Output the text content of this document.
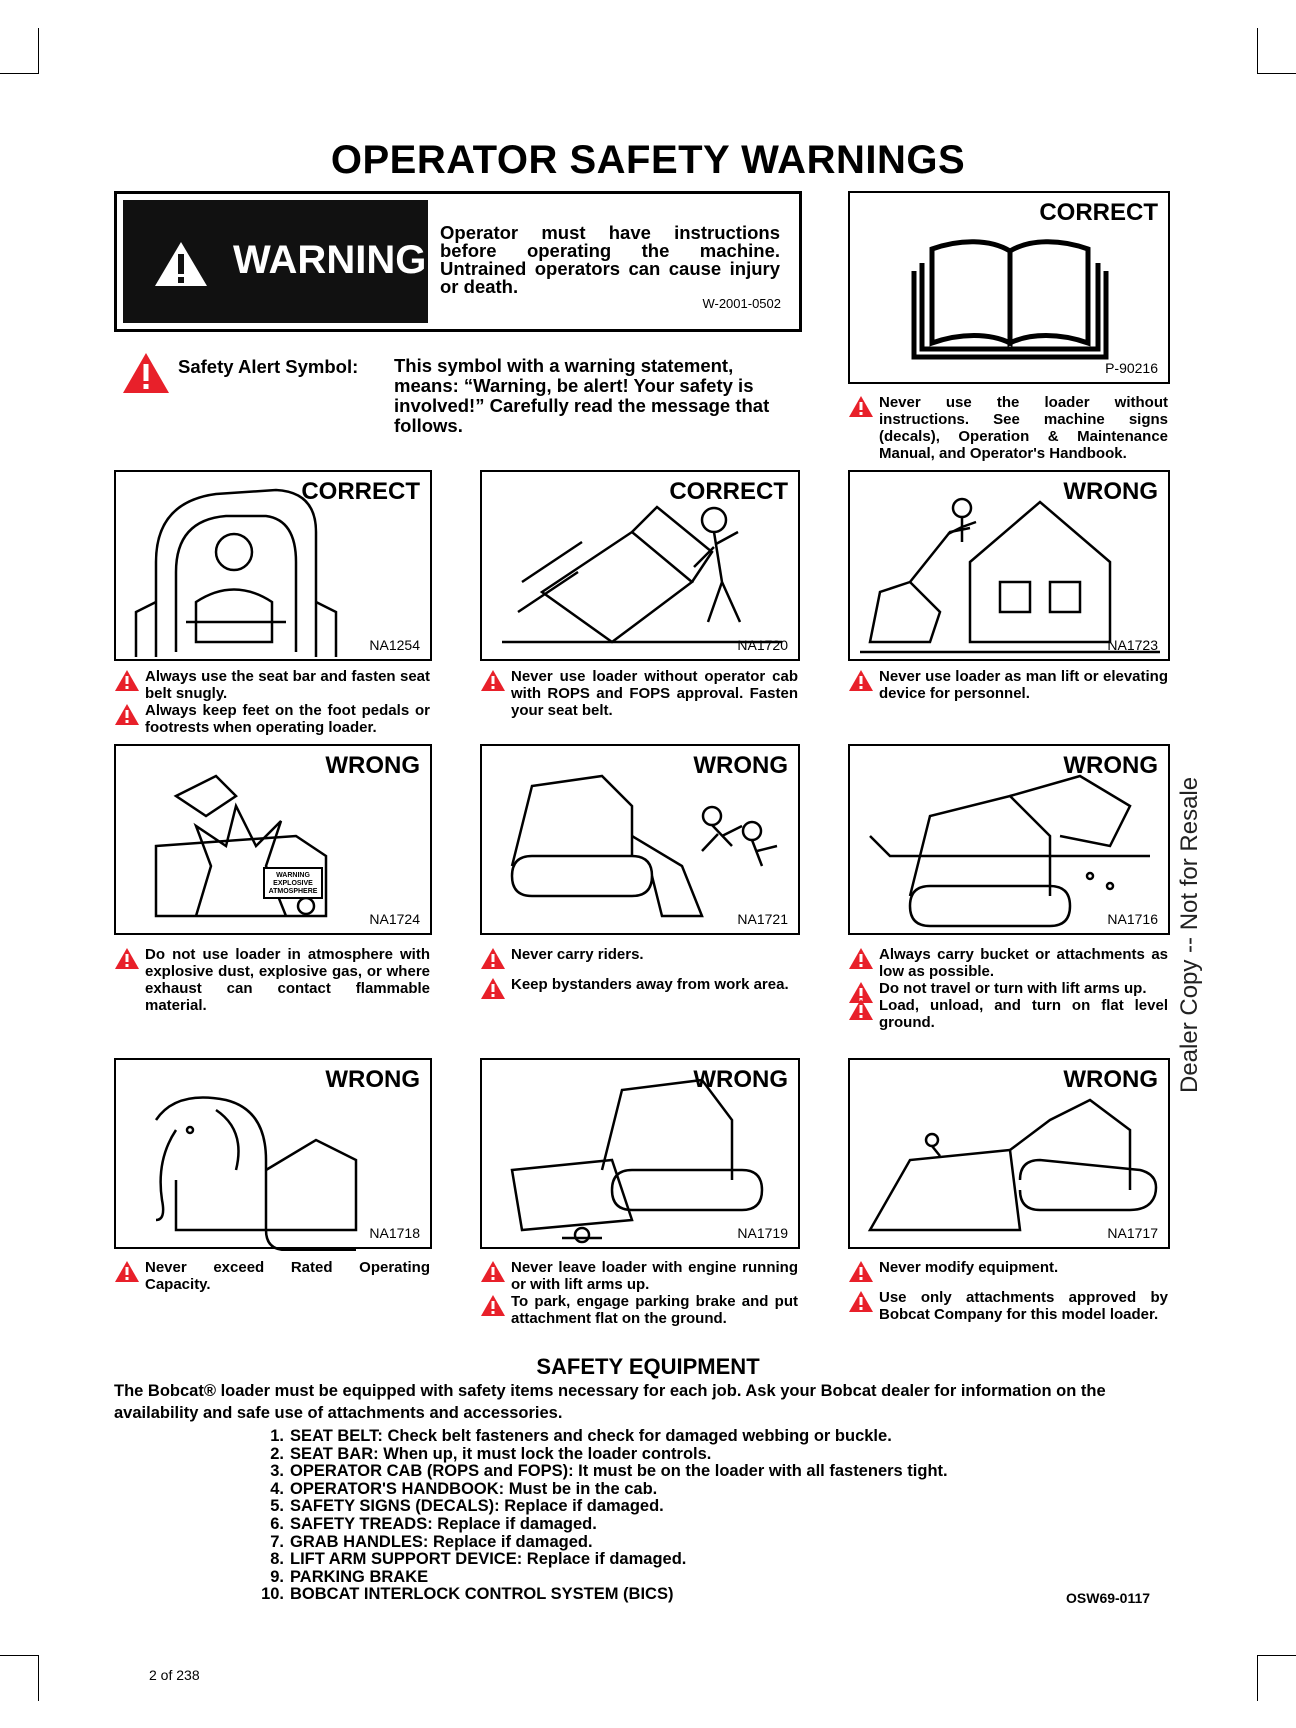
OPERATOR SAFETY WARNINGS
WARNING
Operator must have instructions before operating the machine. Untrained operators can cause injury or death.
W-2001-0502
Safety Alert Symbol: This symbol with a warning statement, means: “Warning, be alert! Your safety is involved!” Carefully read the message that follows.
CORRECT
P-90216
Never use the loader without instructions. See machine signs (decals), Operation & Maintenance Manual, and Operator's Handbook.
CORRECT
NA1254
Always use the seat bar and fasten seat belt snugly.
Always keep feet on the foot pedals or footrests when operating loader.
CORRECT
NA1720
Never use loader without operator cab with ROPS and FOPS approval. Fasten your seat belt.
WRONG
NA1723
Never use loader as man lift or elevating device for personnel.
WARNING EXPLOSIVE ATMOSPHERE
WRONG
NA1724
Do not use loader in atmosphere with explosive dust, explosive gas, or where exhaust can contact flammable material.
WRONG
NA1721
Never carry riders.
Keep bystanders away from work area.
WRONG
NA1716
Always carry bucket or attachments as low as possible.
Do not travel or turn with lift arms up.
Load, unload, and turn on flat level ground.
WRONG
NA1718
Never exceed Rated Operating Capacity.
WRONG
NA1719
Never leave loader with engine running or with lift arms up.
To park, engage parking brake and put attachment flat on the ground.
WRONG
NA1717
Never modify equipment.
Use only attachments approved by Bobcat Company for this model loader.
Dealer Copy -- Not for Resale
SAFETY EQUIPMENT
The Bobcat® loader must be equipped with safety items necessary for each job. Ask your Bobcat dealer for information on the availability and safe use of attachments and accessories.
1. SEAT BELT: Check belt fasteners and check for damaged webbing or buckle.
2. SEAT BAR: When up, it must lock the loader controls.
3. OPERATOR CAB (ROPS and FOPS): It must be on the loader with all fasteners tight.
4. OPERATOR'S HANDBOOK: Must be in the cab.
5. SAFETY SIGNS (DECALS): Replace if damaged.
6. SAFETY TREADS: Replace if damaged.
7. GRAB HANDLES: Replace if damaged.
8. LIFT ARM SUPPORT DEVICE: Replace if damaged.
9. PARKING BRAKE
10. BOBCAT INTERLOCK CONTROL SYSTEM (BICS)	OSW69-0117
2 of 238
